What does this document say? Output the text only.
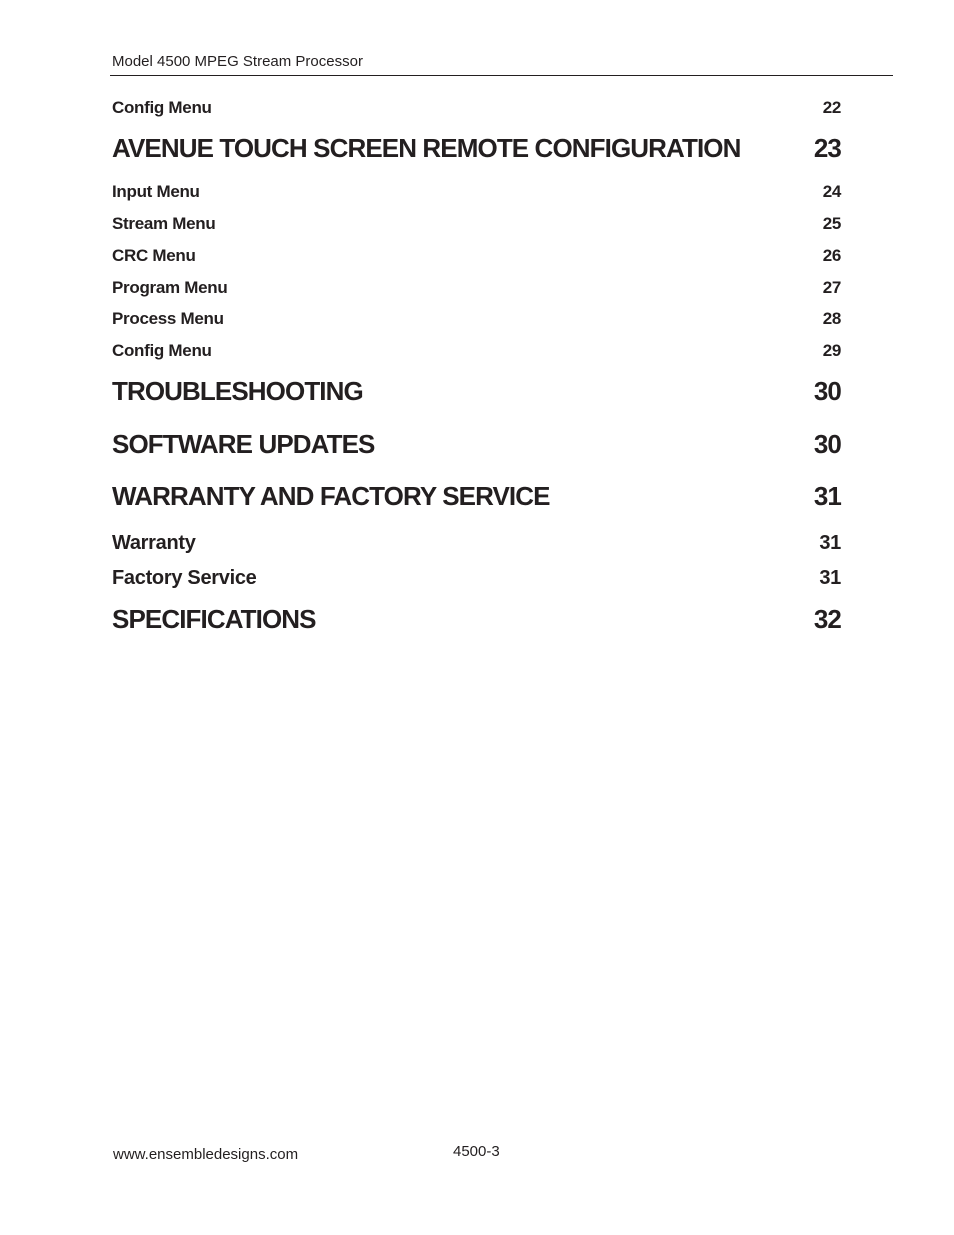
Model 4500 MPEG Stream Processor
Config Menu	22
AVENUE TOUCH SCREEN REMOTE CONFIGURATION	23
Input Menu	24
Stream Menu	25
CRC Menu	26
Program Menu	27
Process Menu	28
Config Menu	29
TROUBLESHOOTING	30
SOFTWARE UPDATES	30
WARRANTY AND FACTORY SERVICE	31
Warranty	31
Factory Service	31
SPECIFICATIONS	32
www.ensembledesigns.com	4500-3
